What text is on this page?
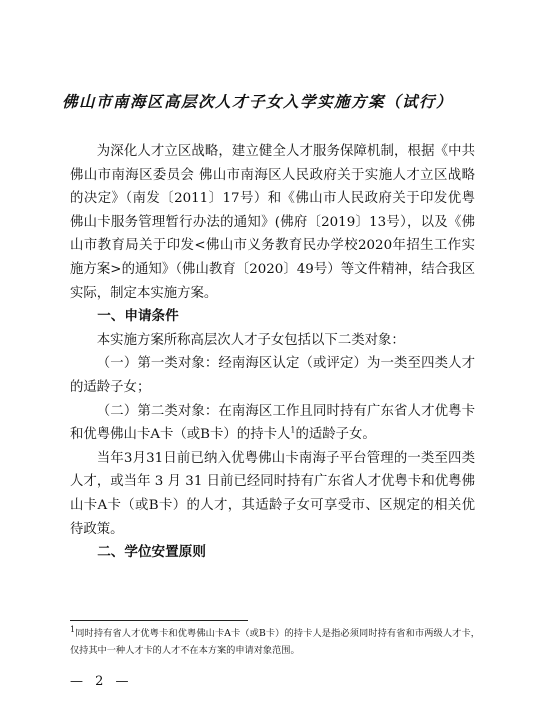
佛山市南海区高层次人才子女入学实施方案（试行）

为深化人才立区战略，建立健全人才服务保障机制，根据《中共佛山市南海区委员会 佛山市南海区人民政府关于实施人才立区战略的决定》（南发〔2011〕17号）和《佛山市人民政府关于印发优粤佛山卡服务管理暂行办法的通知》(佛府〔2019〕13号），以及《佛山市教育局关于印发<佛山市义务教育民办学校2020年招生工作实施方案>的通知》（佛山教育〔2020〕49号）等文件精神，结合我区实际，制定本实施方案。

一、申请条件

本实施方案所称高层次人才子女包括以下二类对象：

（一）第一类对象：经南海区认定（或评定）为一类至四类人才的适龄子女；

（二）第二类对象：在南海区工作且同时持有广东省人才优粤卡和优粤佛山卡A卡（或B卡）的持卡人$^1$的适龄子女。

当年3月31日前已纳入优粤佛山卡南海子平台管理的一类至四类人才，或当年 3 月 31 日前已经同时持有广东省人才优粤卡和优粤佛山卡A卡（或B卡）的人才，其适龄子女可享受市、区规定的相关优待政策。

二、学位安置原则

$^1$同时持有省人才优粤卡和优粤佛山卡A卡（或B卡）的持卡人是指必须同时持有省和市两级人才卡，仅持其中一种人才卡的人才不在本方案的申请对象范围。
— 2 —
